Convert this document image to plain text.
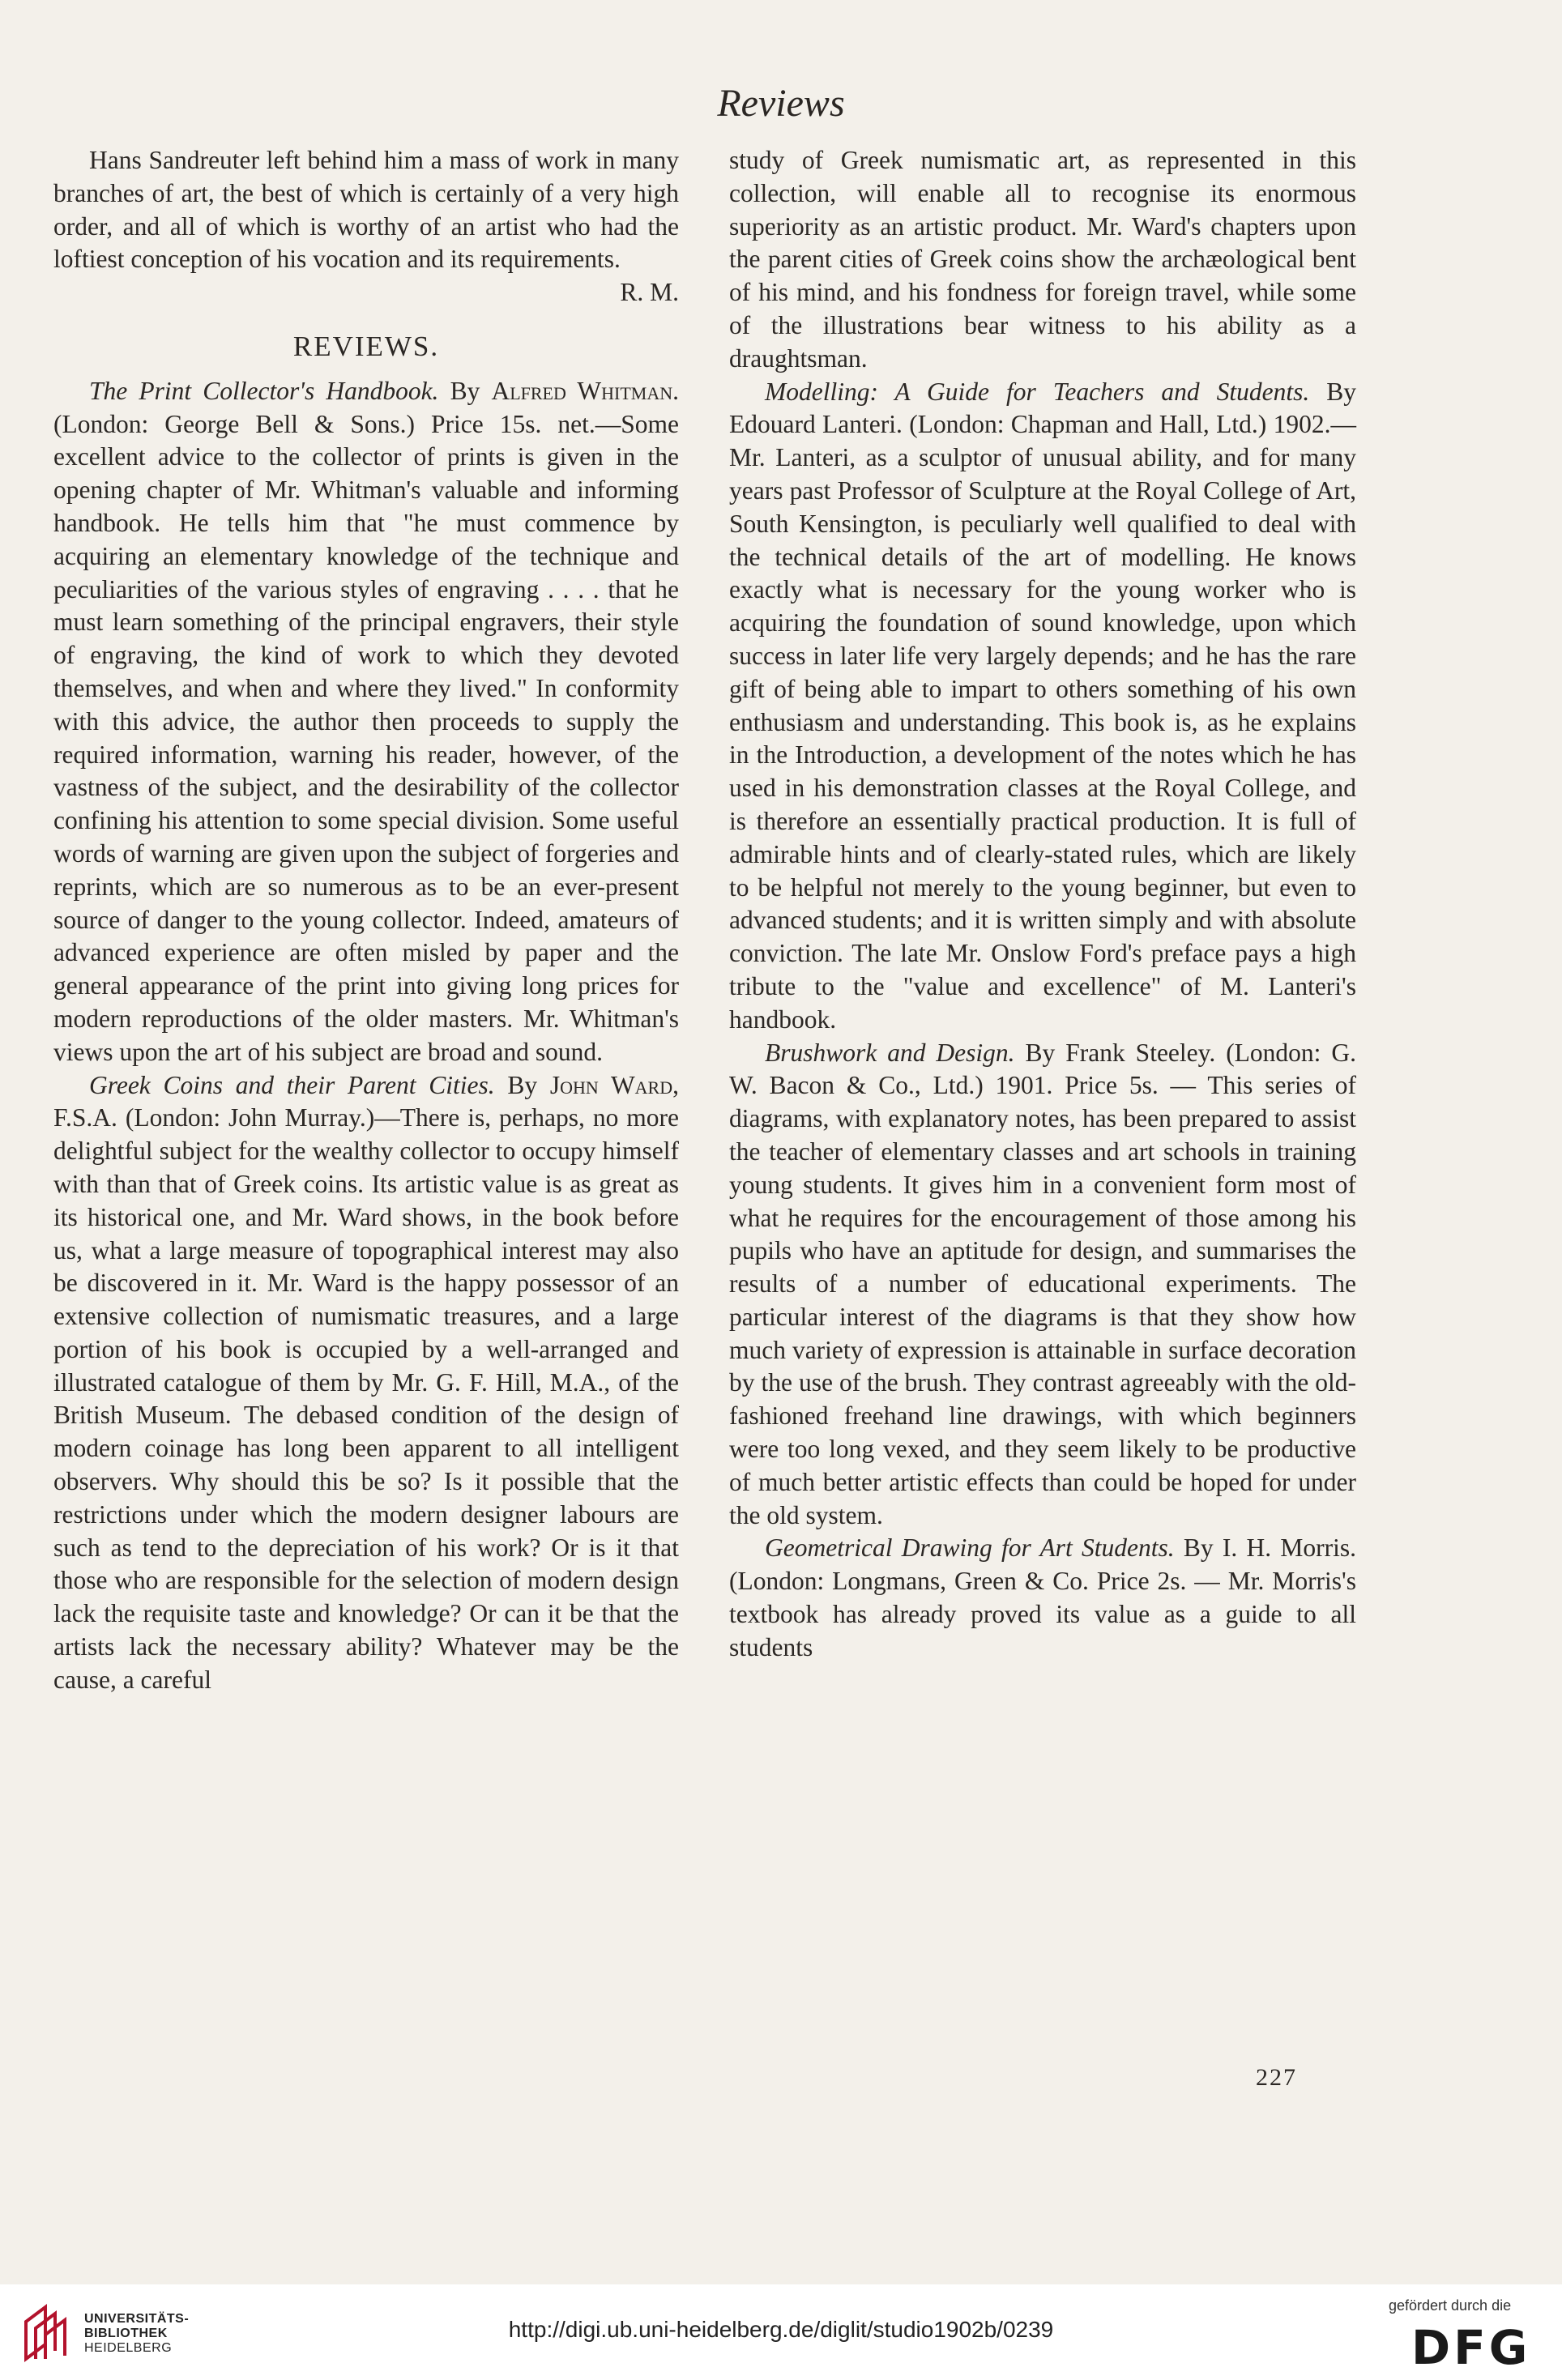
Reviews

Hans Sandreuter left behind him a mass of work in many branches of art, the best of which is certainly of a very high order, and all of which is worthy of an artist who had the loftiest conception of his vocation and its requirements.
R. M.

REVIEWS.

The Print Collector's Handbook. By Alfred Whitman. (London: George Bell & Sons.) Price 15s. net.—Some excellent advice to the collector of prints is given in the opening chapter of Mr. Whitman's valuable and informing handbook. He tells him that "he must commence by acquiring an elementary knowledge of the technique and peculiarities of the various styles of engraving . . . . that he must learn something of the principal engravers, their style of engraving, the kind of work to which they devoted themselves, and when and where they lived." In conformity with this advice, the author then proceeds to supply the required information, warning his reader, however, of the vastness of the subject, and the desirability of the collector confining his attention to some special division. Some useful words of warning are given upon the subject of forgeries and reprints, which are so numerous as to be an ever-present source of danger to the young collector. Indeed, amateurs of advanced experience are often misled by paper and the general appearance of the print into giving long prices for modern reproductions of the older masters. Mr. Whitman's views upon the art of his subject are broad and sound.

Greek Coins and their Parent Cities. By John Ward, F.S.A. (London: John Murray.)—There is, perhaps, no more delightful subject for the wealthy collector to occupy himself with than that of Greek coins. Its artistic value is as great as its historical one, and Mr. Ward shows, in the book before us, what a large measure of topographical interest may also be discovered in it. Mr. Ward is the happy possessor of an extensive collection of numismatic treasures, and a large portion of his book is occupied by a well-arranged and illustrated catalogue of them by Mr. G. F. Hill, M.A., of the British Museum. The debased condition of the design of modern coinage has long been apparent to all intelligent observers. Why should this be so? Is it possible that the restrictions under which the modern designer labours are such as tend to the depreciation of his work? Or is it that those who are responsible for the selection of modern design lack the requisite taste and knowledge? Or can it be that the artists lack the necessary ability? Whatever may be the cause, a careful

study of Greek numismatic art, as represented in this collection, will enable all to recognise its enormous superiority as an artistic product. Mr. Ward's chapters upon the parent cities of Greek coins show the archæological bent of his mind, and his fondness for foreign travel, while some of the illustrations bear witness to his ability as a draughtsman.

Modelling: A Guide for Teachers and Students. By Edouard Lanteri. (London: Chapman and Hall, Ltd.) 1902.—Mr. Lanteri, as a sculptor of unusual ability, and for many years past Professor of Sculpture at the Royal College of Art, South Kensington, is peculiarly well qualified to deal with the technical details of the art of modelling. He knows exactly what is necessary for the young worker who is acquiring the foundation of sound knowledge, upon which success in later life very largely depends; and he has the rare gift of being able to impart to others something of his own enthusiasm and understanding. This book is, as he explains in the Introduction, a development of the notes which he has used in his demonstration classes at the Royal College, and is therefore an essentially practical production. It is full of admirable hints and of clearly-stated rules, which are likely to be helpful not merely to the young beginner, but even to advanced students; and it is written simply and with absolute conviction. The late Mr. Onslow Ford's preface pays a high tribute to the "value and excellence" of M. Lanteri's handbook.

Brushwork and Design. By Frank Steeley. (London: G. W. Bacon & Co., Ltd.) 1901. Price 5s. — This series of diagrams, with explanatory notes, has been prepared to assist the teacher of elementary classes and art schools in training young students. It gives him in a convenient form most of what he requires for the encouragement of those among his pupils who have an aptitude for design, and summarises the results of a number of educational experiments. The particular interest of the diagrams is that they show how much variety of expression is attainable in surface decoration by the use of the brush. They contrast agreeably with the old-fashioned freehand line drawings, with which beginners were too long vexed, and they seem likely to be productive of much better artistic effects than could be hoped for under the old system.

Geometrical Drawing for Art Students. By I. H. Morris. (London: Longmans, Green & Co. Price 2s. — Mr. Morris's textbook has already proved its value as a guide to all students

227
UNIVERSITÄTS-
BIBLIOTHEK
HEIDELBERG
http://digi.ub.uni-heidelberg.de/diglit/studio1902b/0239
gefördert durch die
DFG
